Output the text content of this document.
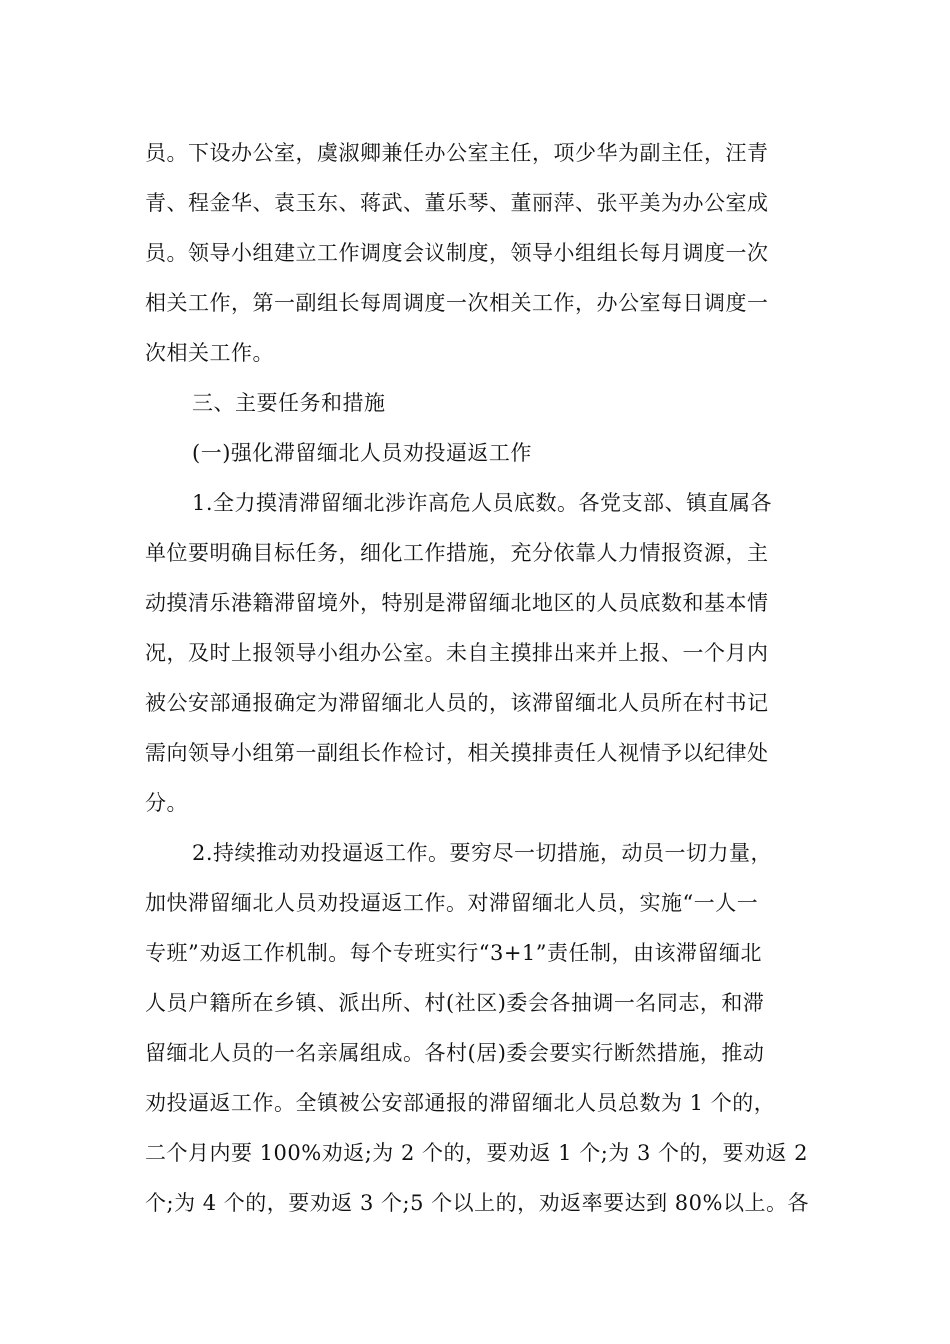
员。下设办公室，虞淑卿兼任办公室主任，项少华为副主任，汪青
青、程金华、袁玉东、蒋武、董乐琴、董丽萍、张平美为办公室成
员。领导小组建立工作调度会议制度，领导小组组长每月调度一次
相关工作，第一副组长每周调度一次相关工作，办公室每日调度一
次相关工作。
三、主要任务和措施
(一)强化滞留缅北人员劝投逼返工作
1.全力摸清滞留缅北涉诈高危人员底数。各党支部、镇直属各
单位要明确目标任务，细化工作措施，充分依靠人力情报资源，主
动摸清乐港籍滞留境外，特别是滞留缅北地区的人员底数和基本情
况，及时上报领导小组办公室。未自主摸排出来并上报、一个月内
被公安部通报确定为滞留缅北人员的，该滞留缅北人员所在村书记
需向领导小组第一副组长作检讨，相关摸排责任人视情予以纪律处
分。
2.持续推动劝投逼返工作。要穷尽一切措施，动员一切力量，
加快滞留缅北人员劝投逼返工作。对滞留缅北人员，实施“一人一
专班”劝返工作机制。每个专班实行“3+1”责任制，由该滞留缅北
人员户籍所在乡镇、派出所、村(社区)委会各抽调一名同志，和滞
留缅北人员的一名亲属组成。各村(居)委会要实行断然措施，推动
劝投逼返工作。全镇被公安部通报的滞留缅北人员总数为 1 个的，
二个月内要 100%劝返;为 2 个的，要劝返 1 个;为 3 个的，要劝返 2
个;为 4 个的，要劝返 3 个;5 个以上的，劝返率要达到 80%以上。各
